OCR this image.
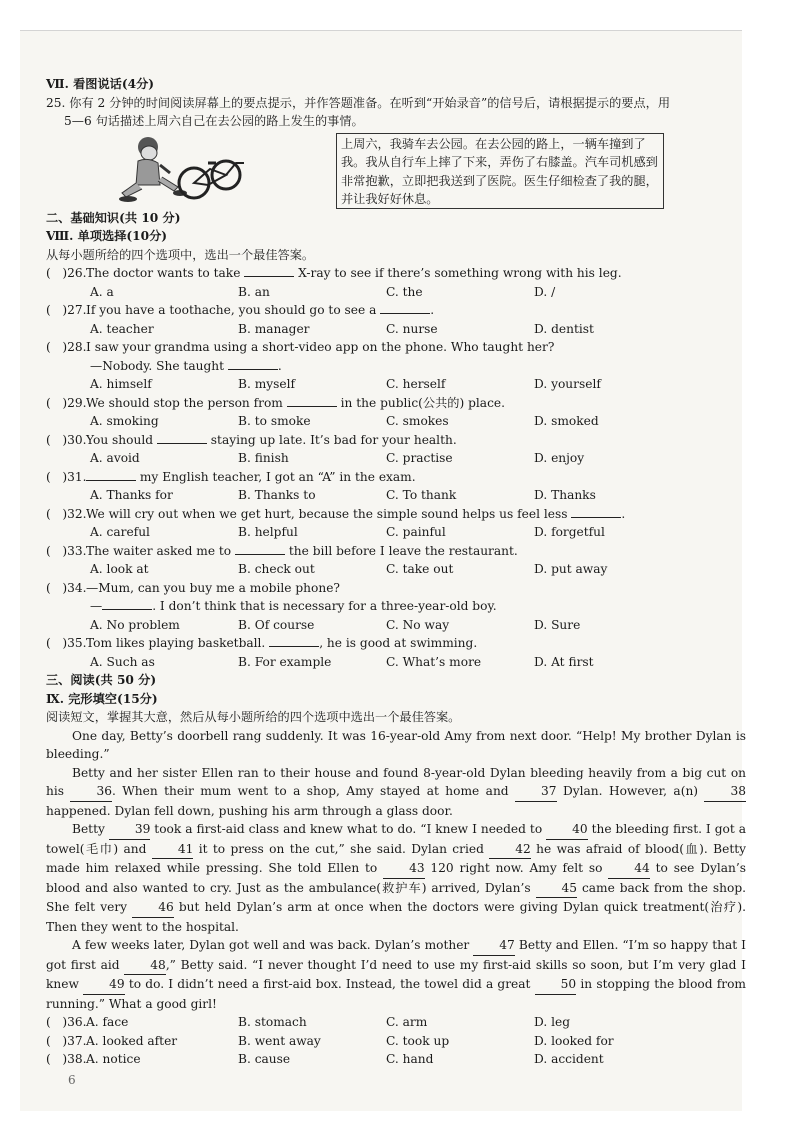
Ⅶ. 看图说话(4分)
25. 你有 2 分钟的时间阅读屏幕上的要点提示，并作答题准备。在听到“开始录音”的信号后，请根据提示的要点，用
5—6 句话描述上周六自己在去公园的路上发生的事情。
上周六，我骑车去公园。在去公园的路上，一辆车撞到了我。我从自行车上摔了下来，弄伤了右膝盖。汽车司机感到非常抱歉，立即把我送到了医院。医生仔细检查了我的腿，并让我好好休息。
二、基础知识(共 10 分)
Ⅷ. 单项选择(10分)
从每小题所给的四个选项中，选出一个最佳答案。
(   )26. The doctor wants to take	X-ray to see if there’s something wrong with his leg.
A. a	B. an	C. the	D. /
(   )27. If you have a toothache, you should go to see a	.
A. teacher	B. manager	C. nurse	D. dentist
(   )28. I saw your grandma using a short-video app on the phone. Who taught her?
—Nobody. She taught	.
A. himself	B. myself	C. herself	D. yourself
(   )29. We should stop the person from	in the public(公共的) place.
A. smoking	B. to smoke	C. smokes	D. smoked
(   )30. You should	staying up late. It’s bad for your health.
A. avoid	B. finish	C. practise	D. enjoy
(   )31.	my English teacher, I got an “A” in the exam.
A. Thanks for	B. Thanks to	C. To thank	D. Thanks
(   )32. We will cry out when we get hurt, because the simple sound helps us feel less	.
A. careful	B. helpful	C. painful	D. forgetful
(   )33. The waiter asked me to	the bill before I leave the restaurant.
A. look at	B. check out	C. take out	D. put away
(   )34. —Mum, can you buy me a mobile phone?
—	. I don’t think that is necessary for a three-year-old boy.
A. No problem	B. Of course	C. No way	D. Sure
(   )35. Tom likes playing basketball.	, he is good at swimming.
A. Such as	B. For example	C. What’s more	D. At first
三、阅读(共 50 分)
Ⅸ. 完形填空(15分)
阅读短文，掌握其大意，然后从每小题所给的四个选项中选出一个最佳答案。

One day, Betty’s doorbell rang suddenly. It was 16-year-old Amy from next door. “Help! My brother Dylan is bleeding.”

Betty and her sister Ellen ran to their house and found 8-year-old Dylan bleeding heavily from a big cut on his 36. When their mum went to a shop, Amy stayed at home and 37 Dylan. However, a(n) 38 happened. Dylan fell down, pushing his arm through a glass door.

Betty 39 took a first-aid class and knew what to do. “I knew I needed to 40 the bleeding first. I got a towel(毛巾) and 41 it to press on the cut,” she said. Dylan cried 42 he was afraid of blood(血). Betty made him relaxed while pressing. She told Ellen to 43 120 right now. Amy felt so 44 to see Dylan’s blood and also wanted to cry. Just as the ambulance(救护车) arrived, Dylan’s 45 came back from the shop. She felt very 46 but held Dylan’s arm at once when the doctors were giving Dylan quick treatment(治疗). Then they went to the hospital.

A few weeks later, Dylan got well and was back. Dylan’s mother 47 Betty and Ellen. “I’m so happy that I got first aid 48,” Betty said. “I never thought I’d need to use my first-aid skills so soon, but I’m very glad I knew 49 to do. I didn’t need a first-aid box. Instead, the towel did a great 50 in stopping the blood from running.” What a good girl!

(   )36. A. face	B. stomach	C. arm	D. leg
(   )37. A. looked after	B. went away	C. took up	D. looked for
(   )38. A. notice	B. cause	C. hand	D. accident
6
